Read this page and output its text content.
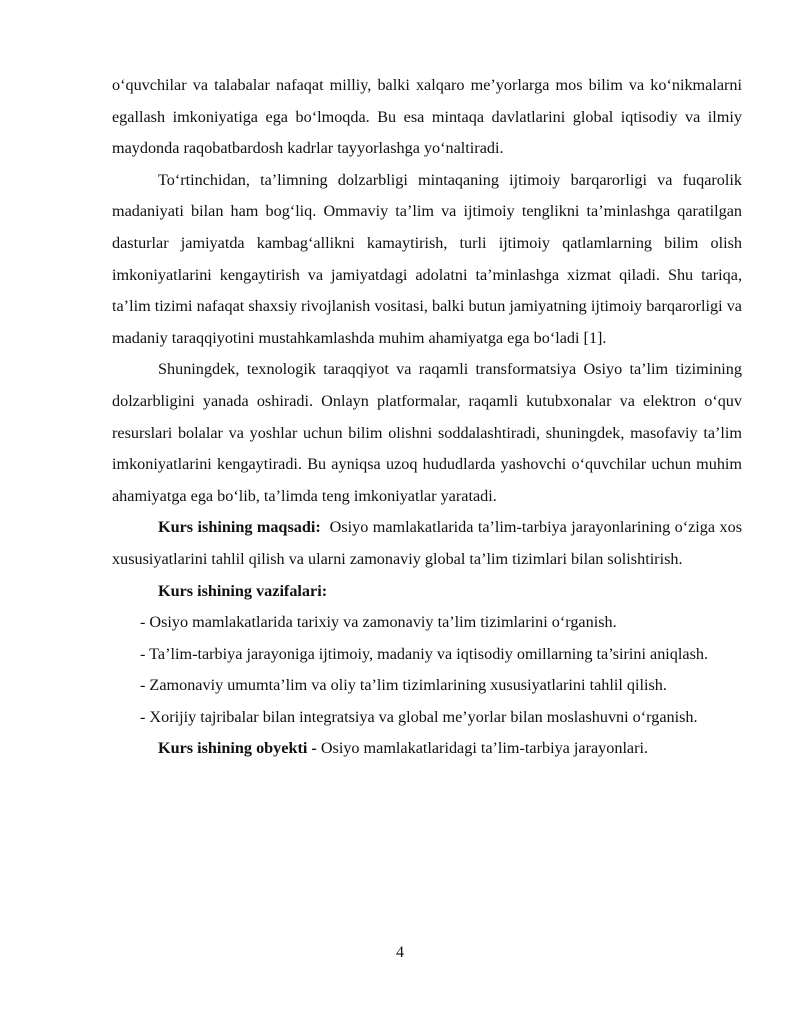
o‘quvchilar va talabalar nafaqat milliy, balki xalqaro me’yorlarga mos bilim va ko‘nikmalarni egallash imkoniyatiga ega bo‘lmoqda. Bu esa mintaqa davlatlarini global iqtisodiy va ilmiy maydonda raqobatbardosh kadrlar tayyorlashga yo‘naltiradi.

To‘rtinchidan, ta’limning dolzarbligi mintaqaning ijtimoiy barqarorligi va fuqarolik madaniyati bilan ham bog‘liq. Ommaviy ta’lim va ijtimoiy tenglikni ta’minlashga qaratilgan dasturlar jamiyatda kambag‘allikni kamaytirish, turli ijtimoiy qatlamlarning bilim olish imkoniyatlarini kengaytirish va jamiyatdagi adolatni ta’minlashga xizmat qiladi. Shu tariqa, ta’lim tizimi nafaqat shaxsiy rivojlanish vositasi, balki butun jamiyatning ijtimoiy barqarorligi va madaniy taraqqiyotini mustahkamlashda muhim ahamiyatga ega bo‘ladi [1].

Shuningdek, texnologik taraqqiyot va raqamli transformatsiya Osiyo ta’lim tizimining dolzarbligini yanada oshiradi. Onlayn platformalar, raqamli kutubxonalar va elektron o‘quv resurslari bolalar va yoshlar uchun bilim olishni soddalashtiradi, shuningdek, masofaviy ta’lim imkoniyatlarini kengaytiradi. Bu ayniqsa uzoq hududlarda yashovchi o‘quvchilar uchun muhim ahamiyatga ega bo‘lib, ta’limda teng imkoniyatlar yaratadi.

Kurs ishining maqsadi: Osiyo mamlakatlarida ta’lim-tarbiya jarayonlarining o‘ziga xos xususiyatlarini tahlil qilish va ularni zamonaviy global ta’lim tizimlari bilan solishtirish.

Kurs ishining vazifalari:

- Osiyo mamlakatlarida tarixiy va zamonaviy ta’lim tizimlarini o‘rganish.

- Ta’lim-tarbiya jarayoniga ijtimoiy, madaniy va iqtisodiy omillarning ta’sirini aniqlash.

- Zamonaviy umumta’lim va oliy ta’lim tizimlarining xususiyatlarini tahlil qilish.

- Xorijiy tajribalar bilan integratsiya va global me’yorlar bilan moslashuvni o‘rganish.

Kurs ishining obyekti - Osiyo mamlakatlaridagi ta’lim-tarbiya jarayonlari.

4
